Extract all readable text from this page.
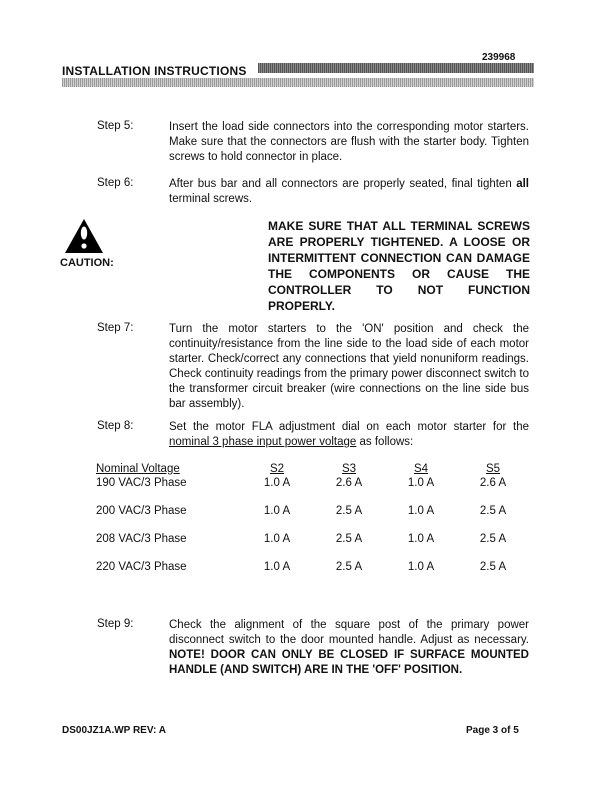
239968
INSTALLATION INSTRUCTIONS
Step 5:	Insert the load side connectors into the corresponding motor starters. Make sure that the connectors are flush with the starter body. Tighten screws to hold connector in place.
Step 6:	After bus bar and all connectors are properly seated, final tighten all terminal screws.
CAUTION:
MAKE SURE THAT ALL TERMINAL SCREWS ARE PROPERLY TIGHTENED. A LOOSE OR INTERMITTENT CONNECTION CAN DAMAGE THE COMPONENTS OR CAUSE THE CONTROLLER TO NOT FUNCTION PROPERLY.
Step 7:	Turn the motor starters to the 'ON' position and check the continuity/resistance from the line side to the load side of each motor starter. Check/correct any connections that yield nonuniform readings. Check continuity readings from the primary power disconnect switch to the transformer circuit breaker (wire connections on the line side bus bar assembly).
Step 8:	Set the motor FLA adjustment dial on each motor starter for the nominal 3 phase input power voltage as follows:
Nominal Voltage	S2	S3	S4	S5
190 VAC/3 Phase	1.0 A	2.6 A	1.0 A	2.6 A

200 VAC/3 Phase	1.0 A	2.5 A	1.0 A	2.5 A

208 VAC/3 Phase	1.0 A	2.5 A	1.0 A	2.5 A

220 VAC/3 Phase	1.0 A	2.5 A	1.0 A	2.5 A
Step 9:	Check the alignment of the square post of the primary power disconnect switch to the door mounted handle. Adjust as necessary. NOTE! DOOR CAN ONLY BE CLOSED IF SURFACE MOUNTED HANDLE (AND SWITCH) ARE IN THE 'OFF' POSITION.
DS00JZ1A.WP REV: A	Page 3 of 5
